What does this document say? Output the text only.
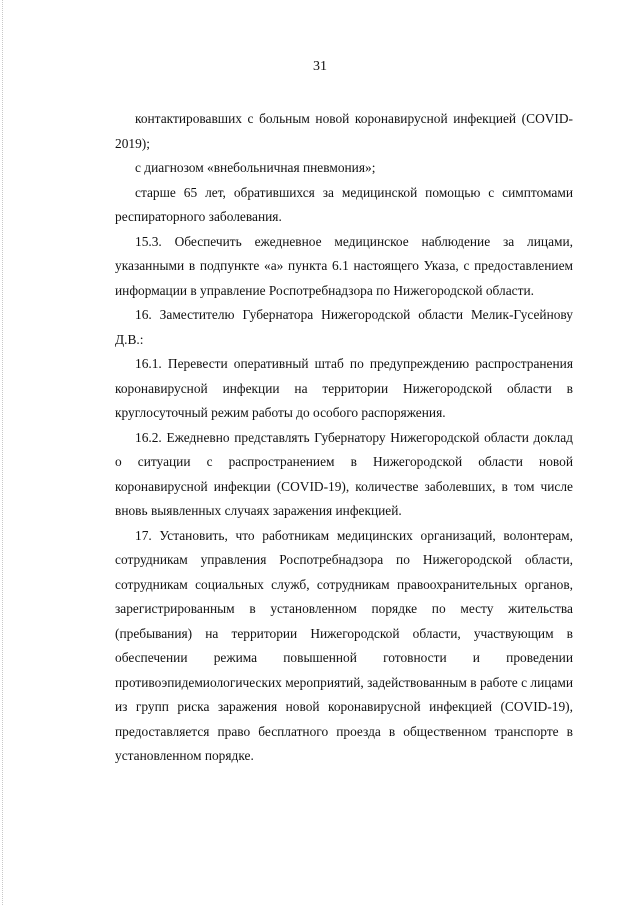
31

контактировавших с больным новой коронавирусной инфекцией (COVID-2019);

с диагнозом «внебольничная пневмония»;

старше 65 лет, обратившихся за медицинской помощью с симптомами респираторного заболевания.

15.3. Обеспечить ежедневное медицинское наблюдение за лицами, указанными в подпункте «а» пункта 6.1 настоящего Указа, с предоставлением информации в управление Роспотребнадзора по Нижегородской области.

16. Заместителю Губернатора Нижегородской области Мелик-Гусейнову Д.В.:

16.1. Перевести оперативный штаб по предупреждению распространения коронавирусной инфекции на территории Нижегородской области в круглосуточный режим работы до особого распоряжения.

16.2. Ежедневно представлять Губернатору Нижегородской области доклад о ситуации с распространением в Нижегородской области новой коронавирусной инфекции (COVID-19), количестве заболевших, в том числе вновь выявленных случаях заражения инфекцией.

17. Установить, что работникам медицинских организаций, волонтерам, сотрудникам управления Роспотребнадзора по Нижегородской области, сотрудникам социальных служб, сотрудникам правоохранительных органов, зарегистрированным в установленном порядке по месту жительства (пребывания) на территории Нижегородской области, участвующим в обеспечении режима повышенной готовности и проведении противоэпидемиологических мероприятий, задействованным в работе с лицами из групп риска заражения новой коронавирусной инфекцией (COVID-19), предоставляется право бесплатного проезда в общественном транспорте в установленном порядке.
